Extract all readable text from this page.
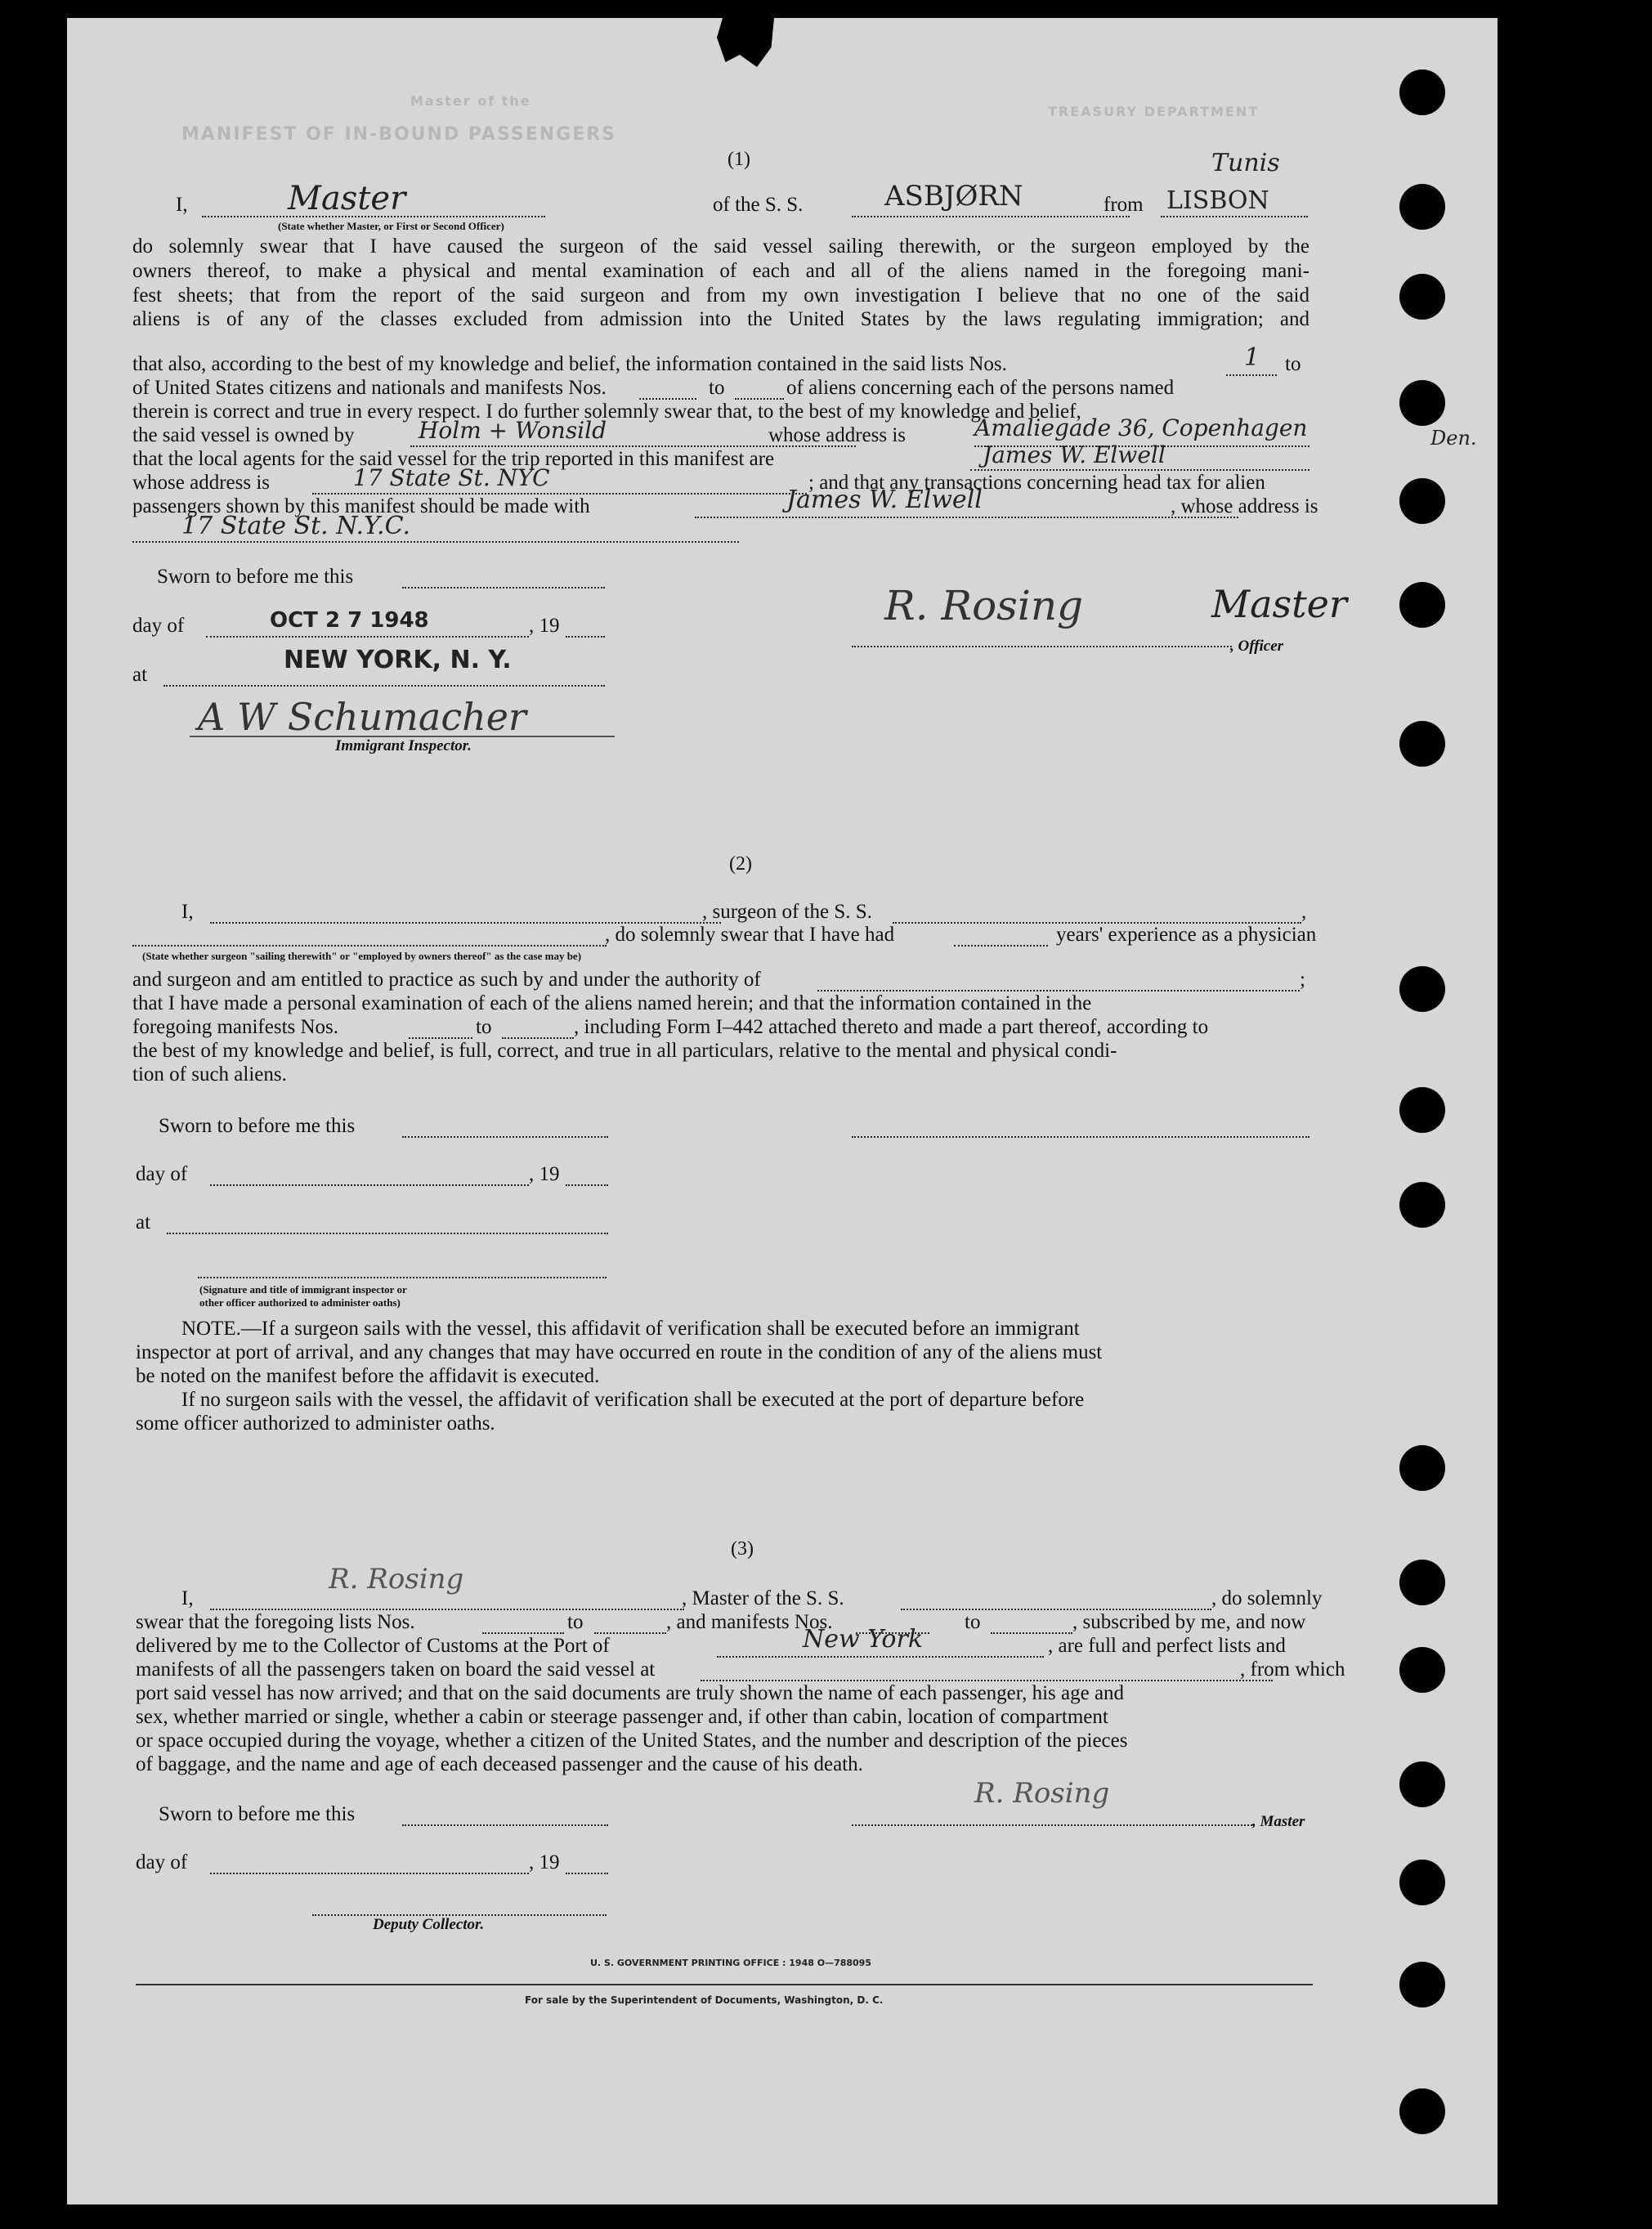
MANIFEST OF IN-BOUND PASSENGERS
Master of the
TREASURY DEPARTMENT
(1)
I,	Master
(State whether Master, or First or Second Officer)
of the S. S.	ASBJØRN	from
Tunis
LISBON
do solemnly swear that I have caused the surgeon of the said vessel sailing therewith, or the surgeon employed by the
owners thereof, to make a physical and mental examination of each and all of the aliens named in the foregoing mani-
fest sheets; that from the report of the said surgeon and from my own investigation I believe that no one of the said
aliens is of any of the classes excluded from admission into the United States by the laws regulating immigration; and
that also, according to the best of my knowledge and belief, the information contained in the said lists Nos.	1 to
of United States citizens and nationals and manifests Nos.	to	of aliens concerning each of the persons named
therein is correct and true in every respect. I do further solemnly swear that, to the best of my knowledge and belief,
the said vessel is owned by	Holm + Wonsild	whose address is	Amaliegade 36, Copenhagen	Den.
that the local agents for the said vessel for the trip reported in this manifest are	James W. Elwell
whose address is	17 State St. NYC	; and that any transactions concerning head tax for alien
passengers shown by this manifest should be made with	James W. Elwell	, whose address is
17 State St. N.Y.C.
Sworn to before me this
day of	OCT 2 7 1948	, 19
at
NEW YORK, N. Y.
A W Schumacher
Immigrant Inspector.
R. Rosing	Master
, Officer
(2)
I,	, surgeon of the S. S.	,
, do solemnly swear that I have had	years' experience as a physician
(State whether surgeon "sailing therewith" or "employed by owners thereof" as the case may be)
and surgeon and am entitled to practice as such by and under the authority of	;
that I have made a personal examination of each of the aliens named herein; and that the information contained in the
foregoing manifests Nos.	to	, including Form I–442 attached thereto and made a part thereof, according to
the best of my knowledge and belief, is full, correct, and true in all particulars, relative to the mental and physical condi-
tion of such aliens.
Sworn to before me this
day of	, 19
at
(Signature and title of immigrant inspector or
other officer authorized to administer oaths)
NOTE.—If a surgeon sails with the vessel, this affidavit of verification shall be executed before an immigrant
inspector at port of arrival, and any changes that may have occurred en route in the condition of any of the aliens must
be noted on the manifest before the affidavit is executed.
If no surgeon sails with the vessel, the affidavit of verification shall be executed at the port of departure before
some officer authorized to administer oaths.
(3)
I,
R. Rosing
, Master of the S. S.	, do solemnly
swear that the foregoing lists Nos.	to	, and manifests Nos.	to	, subscribed by me, and now
delivered by me to the Collector of Customs at the Port of	New York	, are full and perfect lists and
manifests of all the passengers taken on board the said vessel at	, from which
port said vessel has now arrived; and that on the said documents are truly shown the name of each passenger, his age and
sex, whether married or single, whether a cabin or steerage passenger and, if other than cabin, location of compartment
or space occupied during the voyage, whether a citizen of the United States, and the number and description of the pieces
of baggage, and the name and age of each deceased passenger and the cause of his death.
Sworn to before me this
R. Rosing
, Master
day of	, 19
Deputy Collector.
U. S. GOVERNMENT PRINTING OFFICE : 1948 O—788095
For sale by the Superintendent of Documents, Washington, D. C.
